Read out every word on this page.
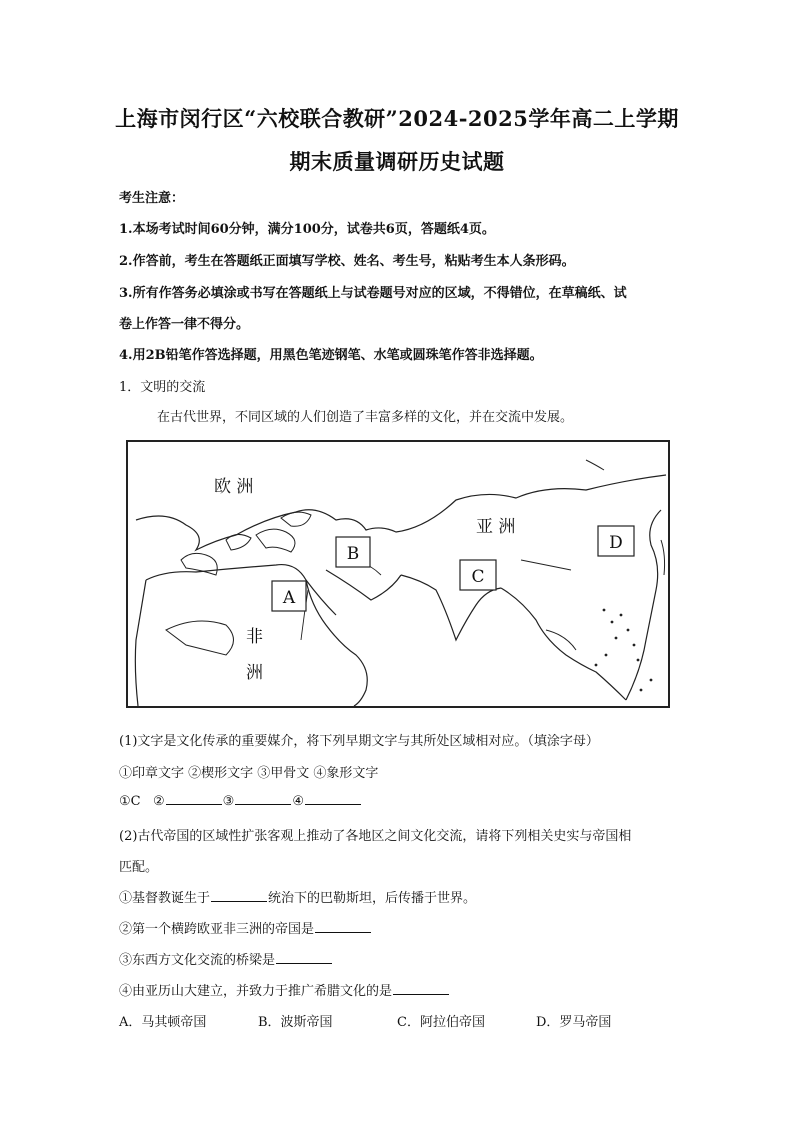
上海市闵行区“六校联合教研”2024-2025学年高二上学期
期末质量调研历史试题
考生注意：
1.本场考试时间60分钟，满分100分，试卷共6页，答题纸4页。
2.作答前，考生在答题纸正面填写学校、姓名、考生号，粘贴考生本人条形码。
3.所有作答务必填涂或书写在答题纸上与试卷题号对应的区域，不得错位，在草稿纸、试
卷上作答一律不得分。
4.用2B铅笔作答选择题，用黑色笔迹钢笔、水笔或圆珠笔作答非选择题。
1．文明的交流
在古代世界，不同区域的人们创造了丰富多样的文化，并在交流中发展。
欧 洲
亚 洲
非
洲
A
B
C
D
(1)文字是文化传承的重要媒介，将下列早期文字与其所处区域相对应。（填涂字母）
①印章文字 ②楔形文字 ③甲骨文 ④象形文字
①C ②	③	④
(2)古代帝国的区域性扩张客观上推动了各地区之间文化交流，请将下列相关史实与帝国相
匹配。
①基督教诞生于	统治下的巴勒斯坦，后传播于世界。
②第一个横跨欧亚非三洲的帝国是
③东西方文化交流的桥梁是
④由亚历山大建立，并致力于推广希腊文化的是
A．马其顿帝国	B．波斯帝国	C．阿拉伯帝国	D．罗马帝国
